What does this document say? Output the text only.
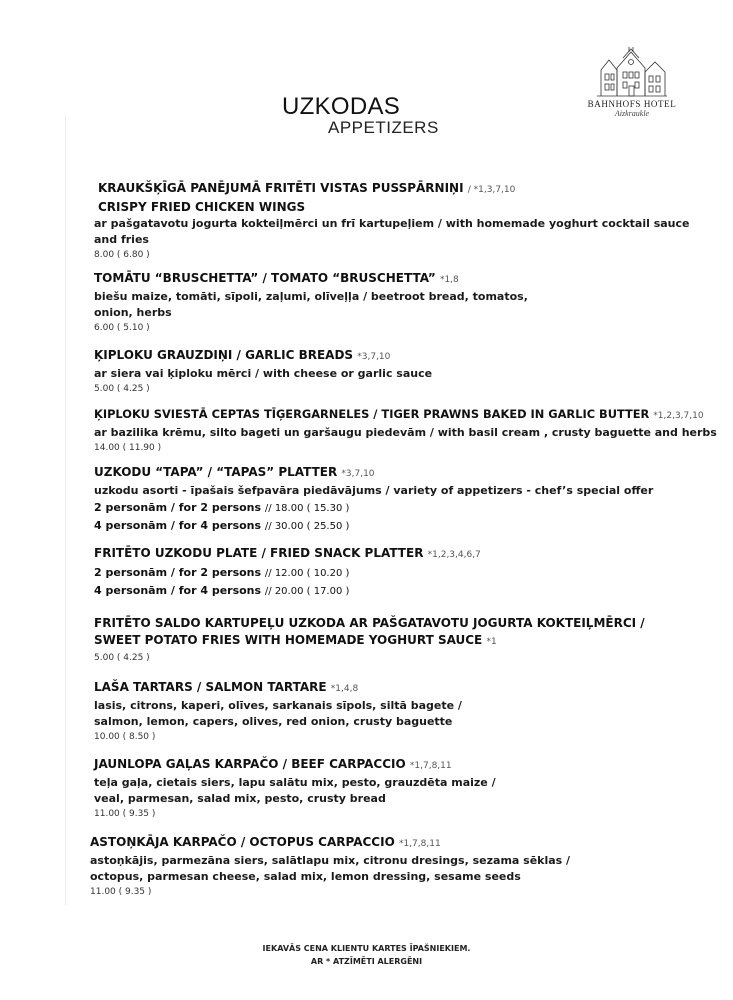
BAHNHOFS HOTEL
Aizkraukle
UZKODAS
APPETIZERS
KRAUKŠĶĪGĀ PANĒJUMĀ FRITĒTI VISTAS PUSSPĀRNIŅI / *1,3,7,10
CRISPY FRIED CHICKEN WINGS
ar pašgatavotu jogurta kokteiļmērci un frī kartupeļiem / with homemade yoghurt cocktail sauce and fries
8.00 ( 6.80 )
TOMĀTU “BRUSCHETTA” / TOMATO “BRUSCHETTA” *1,8
biešu maize, tomāti, sīpoli, zaļumi, olīveļļa / beetroot bread, tomatos, onion, herbs
6.00 ( 5.10 )
ĶIPLOKU GRAUZDIŅI / GARLIC BREADS *3,7,10
ar siera vai ķiploku mērci / with cheese or garlic sauce
5.00 ( 4.25 )
ĶIPLOKU SVIESTĀ CEPTAS TĪĢERGARNELES / TIGER PRAWNS BAKED IN GARLIC BUTTER *1,2,3,7,10
ar bazilika krēmu, silto bageti un garšaugu piedevām / with basil cream , crusty baguette and herbs
14.00 ( 11.90 )
UZKODU “TAPA” / “TAPAS” PLATTER *3,7,10
uzkodu asorti - īpašais šefpavāra piedāvājums / variety of appetizers - chef’s special offer
2 personām / for 2 persons // 18.00 ( 15.30 )
4 personām / for 4 persons // 30.00 ( 25.50 )
FRITĒTO UZKODU PLATE / FRIED SNACK PLATTER *1,2,3,4,6,7
2 personām / for 2 persons // 12.00 ( 10.20 )
4 personām / for 4 persons // 20.00 ( 17.00 )
FRITĒTO SALDO KARTUPEĻU UZKODA AR PAŠGATAVOTU JOGURTA KOKTEIĻMĒRCI /
SWEET POTATO FRIES WITH HOMEMADE YOGHURT SAUCE *1
5.00 ( 4.25 )
LAŠA TARTARS / SALMON TARTARE *1,4,8
lasis, citrons, kaperi, olīves, sarkanais sīpols, siltā bagete /
salmon, lemon, capers, olives, red onion, crusty baguette
10.00 ( 8.50 )
JAUNLOPA GAĻAS KARPAČO / BEEF CARPACCIO *1,7,8,11
teļa gaļa, cietais siers, lapu salātu mix, pesto, grauzdēta maize /
veal, parmesan, salad mix, pesto, crusty bread
11.00 ( 9.35 )
ASTOŅKĀJA KARPAČO / OCTOPUS CARPACCIO *1,7,8,11
astoņkājis, parmezāna siers, salātlapu mix, citronu dresings, sezama sēklas /
octopus, parmesan cheese, salad mix, lemon dressing, sesame seeds
11.00 ( 9.35 )
IEKAVĀS CENA KLIENTU KARTES ĪPAŠNIEKIEM.
AR * ATZĪMĒTI ALERGĒNI
